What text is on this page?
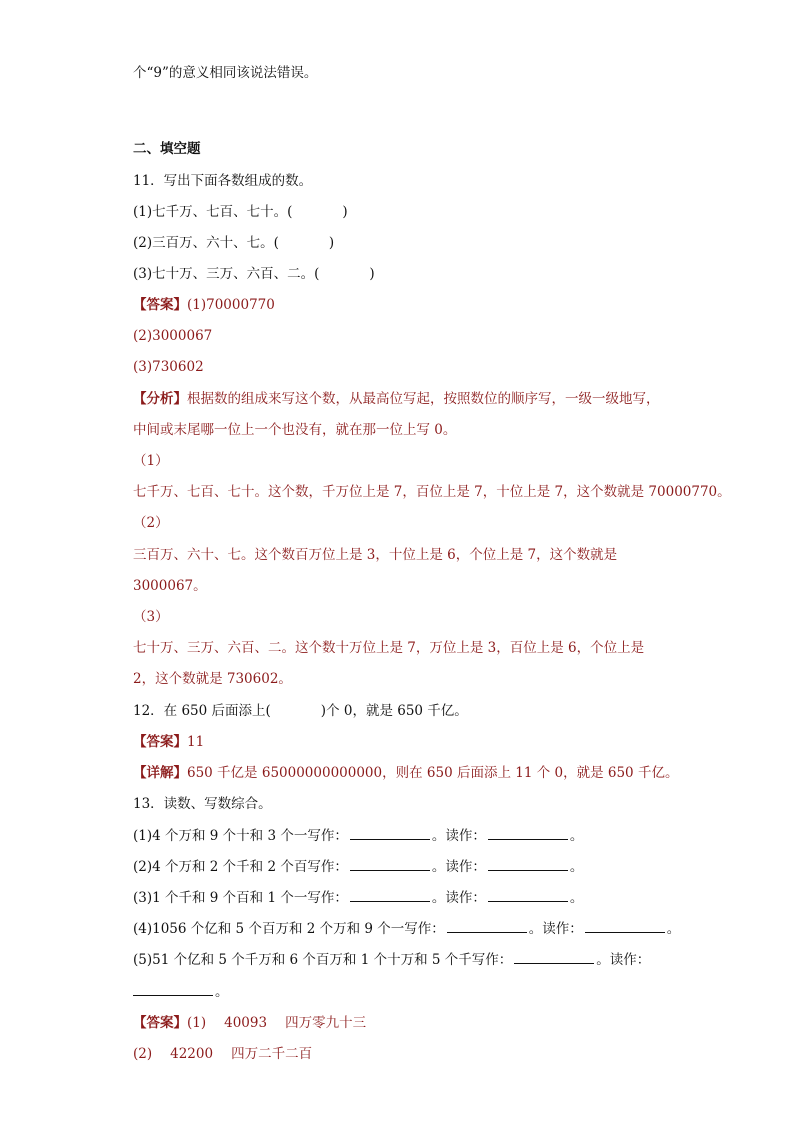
个“9”的意义相同该说法错误。
二、填空题
11．写出下面各数组成的数。
(1)七千万、七百、七十。(	)
(2)三百万、六十、七。(	)
(3)七十万、三万、六百、二。(	)
【答案】(1)70000770
(2)3000067
(3)730602
【分析】根据数的组成来写这个数，从最高位写起，按照数位的顺序写，一级一级地写，
中间或末尾哪一位上一个也没有，就在那一位上写 0。
（1）
七千万、七百、七十。这个数，千万位上是 7，百位上是 7，十位上是 7，这个数就是 70000770。
（2）
三百万、六十、七。这个数百万位上是 3，十位上是 6，个位上是 7，这个数就是
3000067。
（3）
七十万、三万、六百、二。这个数十万位上是 7，万位上是 3，百位上是 6，个位上是
2，这个数就是 730602。
12．在 650 后面添上(	)个 0，就是 650 千亿。
【答案】11
【详解】650 千亿是 65000000000000，则在 650 后面添上 11 个 0，就是 650 千亿。
13．读数、写数综合。
(1)4 个万和 9 个十和 3 个一写作：	。读作：	。
(2)4 个万和 2 个千和 2 个百写作：	。读作：	。
(3)1 个千和 9 个百和 1 个一写作：	。读作：	。
(4)1056 个亿和 5 个百万和 2 个万和 9 个一写作：	。读作：	。
(5)51 个亿和 5 个千万和 6 个百万和 1 个十万和 5 个千写作：	。读作：
。
【答案】(1) 40093 四万零九十三
(2) 42200 四万二千二百
